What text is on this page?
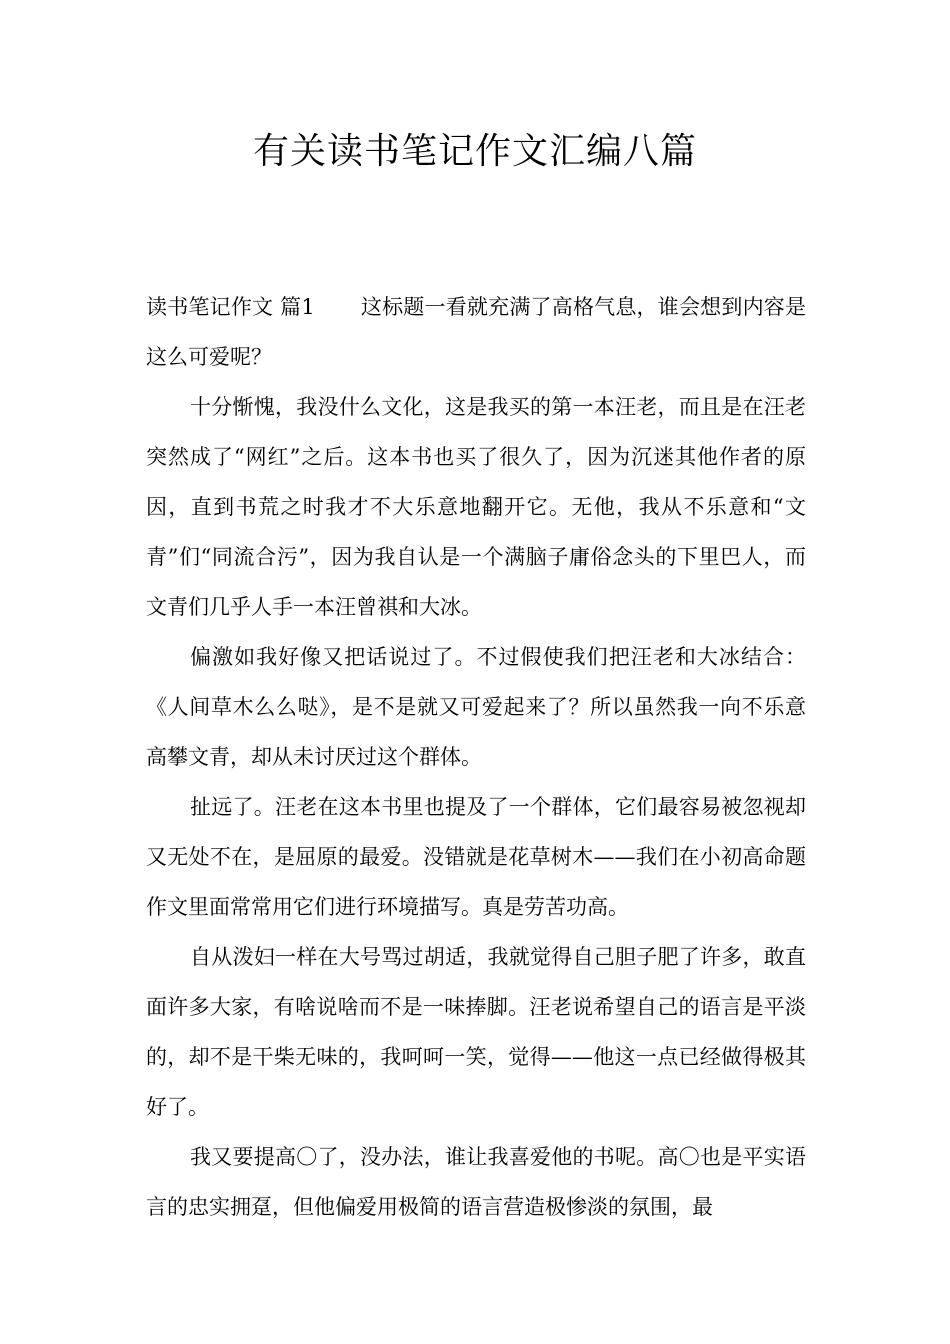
有关读书笔记作文汇编八篇

读书笔记作文 篇1 这标题一看就充满了高格气息，谁会想到内容是这么可爱呢？

十分惭愧，我没什么文化，这是我买的第一本汪老，而且是在汪老突然成了“网红”之后。这本书也买了很久了，因为沉迷其他作者的原因，直到书荒之时我才不大乐意地翻开它。无他，我从不乐意和“文青”们“同流合污”，因为我自认是一个满脑子庸俗念头的下里巴人，而文青们几乎人手一本汪曾祺和大冰。

偏激如我好像又把话说过了。不过假使我们把汪老和大冰结合：《人间草木么么哒》，是不是就又可爱起来了？所以虽然我一向不乐意高攀文青，却从未讨厌过这个群体。

扯远了。汪老在这本书里也提及了一个群体，它们最容易被忽视却又无处不在，是屈原的最爱。没错就是花草树木——我们在小初高命题作文里面常常用它们进行环境描写。真是劳苦功高。

自从泼妇一样在大号骂过胡适，我就觉得自己胆子肥了许多，敢直面许多大家，有啥说啥而不是一味捧脚。汪老说希望自己的语言是平淡的，却不是干柴无味的，我呵呵一笑，觉得——他这一点已经做得极其好了。

我又要提高〇了，没办法，谁让我喜爱他的书呢。高〇也是平实语言的忠实拥趸，但他偏爱用极简的语言营造极惨淡的氛围，最
